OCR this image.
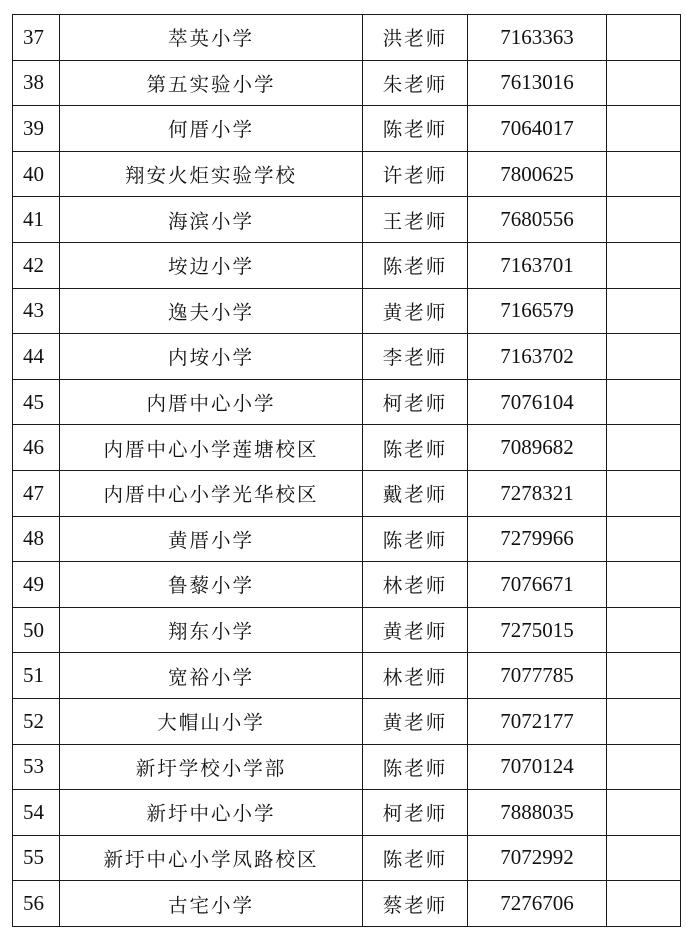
37	萃英小学	洪老师	7163363	
38	第五实验小学	朱老师	7613016	
39	何厝小学	陈老师	7064017	
40	翔安火炬实验学校	许老师	7800625	
41	海滨小学	王老师	7680556	
42	垵边小学	陈老师	7163701	
43	逸夫小学	黄老师	7166579	
44	内垵小学	李老师	7163702	
45	内厝中心小学	柯老师	7076104	
46	内厝中心小学莲塘校区	陈老师	7089682	
47	内厝中心小学光华校区	戴老师	7278321	
48	黄厝小学	陈老师	7279966	
49	鲁藜小学	林老师	7076671	
50	翔东小学	黄老师	7275015	
51	宽裕小学	林老师	7077785	
52	大帽山小学	黄老师	7072177	
53	新圩学校小学部	陈老师	7070124	
54	新圩中心小学	柯老师	7888035	
55	新圩中心小学凤路校区	陈老师	7072992	
56	古宅小学	蔡老师	7276706	
